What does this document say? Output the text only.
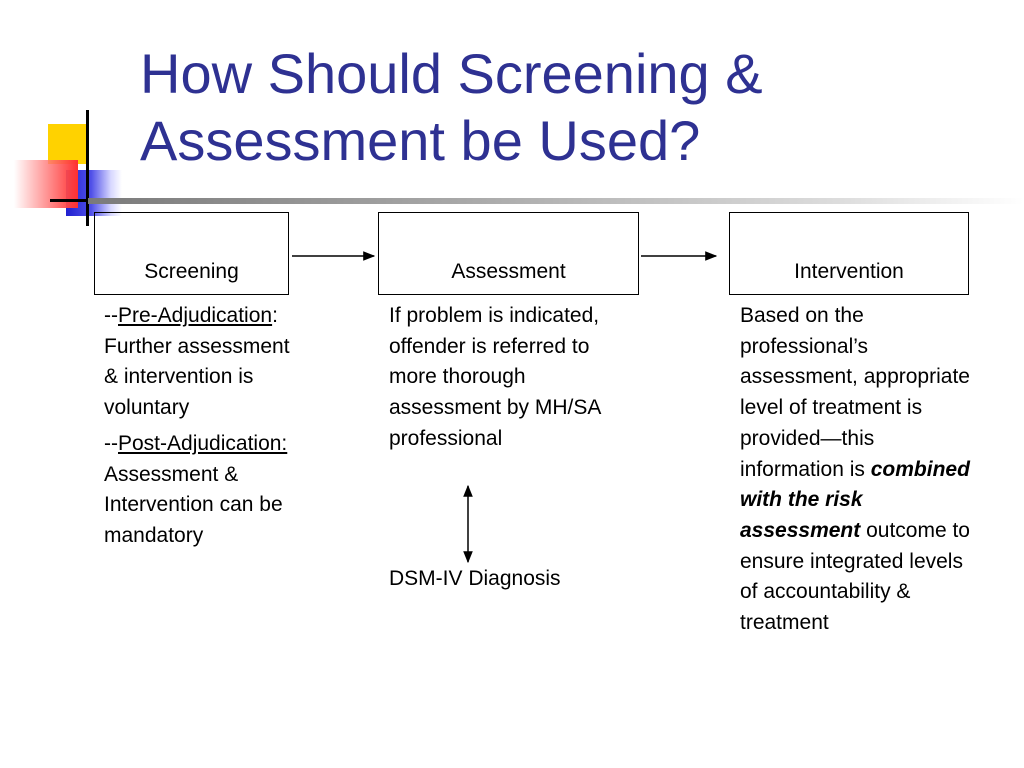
How Should Screening &
Assessment be Used?
Screening	Assessment	Intervention

--Pre-Adjudication: Further assessment & intervention is voluntary

--Post-Adjudication: Assessment & Intervention can be mandatory

If problem is indicated, offender is referred to more thorough assessment by MH/SA professional

DSM-IV Diagnosis

Based on the professional’s assessment, appropriate level of treatment is provided—this information is combined with the risk assessment outcome to ensure integrated levels of accountability & treatment
